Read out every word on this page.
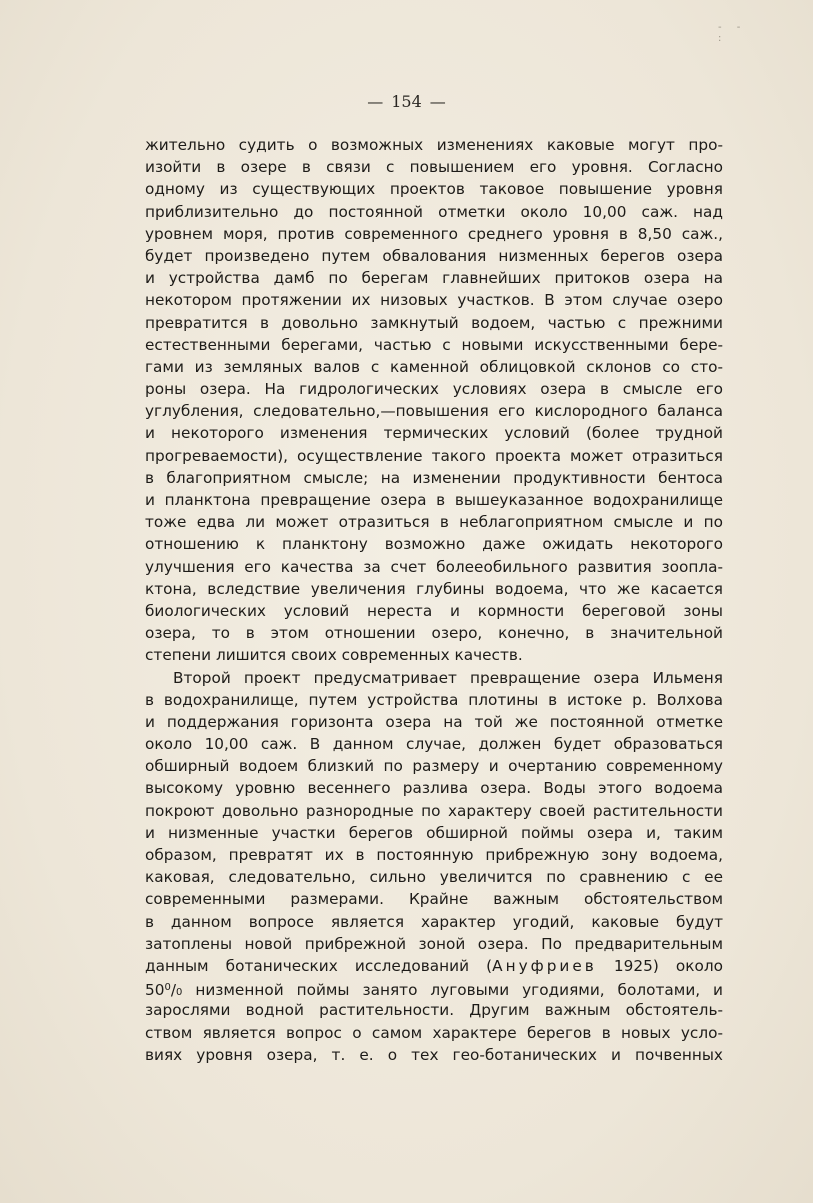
- - :
— 154 —
жительно судить о возможных изменениях каковые могут про-
изойти в озере в связи с повышением его уровня. Согласно
одному из существующих проектов таковое повышение уровня
приблизительно до постоянной отметки около 10,00 саж. над
уровнем моря, против современного среднего уровня в 8,50 саж.,
будет произведено путем обвалования низменных берегов озера
и устройства дамб по берегам главнейших притоков озера на
некотором протяжении их низовых участков. В этом случае озеро
превратится в довольно замкнутый водоем, частью с прежними
естественными берегами, частью с новыми искусственными бере-
гами из земляных валов с каменной облицовкой склонов со сто-
роны озера. На гидрологических условиях озера в смысле его
углубления, следовательно,—повышения его кислородного баланса
и некоторого изменения термических условий (более трудной
прогреваемости), осуществление такого проекта может отразиться
в благоприятном смысле; на изменении продуктивности бентоса
и планктона превращение озера в вышеуказанное водохранилище
тоже едва ли может отразиться в неблагоприятном смысле и по
отношению к планктону возможно даже ожидать некоторого
улучшения его качества за счет болееобильного развития зоопла-
ктона, вследствие увеличения глубины водоема, что же касается
биологических условий нереста и кормности береговой зоны
озера, то в этом отношении озеро, конечно, в значительной
степени лишится своих современных качеств.
Второй проект предусматривает превращение озера Ильменя
в водохранилище, путем устройства плотины в истоке р. Волхова
и поддержания горизонта озера на той же постоянной отметке
около 10,00 саж. В данном случае, должен будет образоваться
обширный водоем близкий по размеру и очертанию современному
высокому уровню весеннего разлива озера. Воды этого водоема
покроют довольно разнородные по характеру своей растительности
и низменные участки берегов обширной поймы озера и, таким
образом, превратят их в постоянную прибрежную зону водоема,
каковая, следовательно, сильно увеличится по сравнению с ее
современными размерами. Крайне важным обстоятельством
в данном вопросе является характер угодий, каковые будут
затоплены новой прибрежной зоной озера. По предварительным
данным ботанических исследований (Ануфриев 1925) около
$50^0/0$ низменной поймы занято луговыми угодиями, болотами, и
зарослями водной растительности. Другим важным обстоятель-
ством является вопрос о самом характере берегов в новых усло-
виях уровня озера, т. е. о тех гео-ботанических и почвенных
